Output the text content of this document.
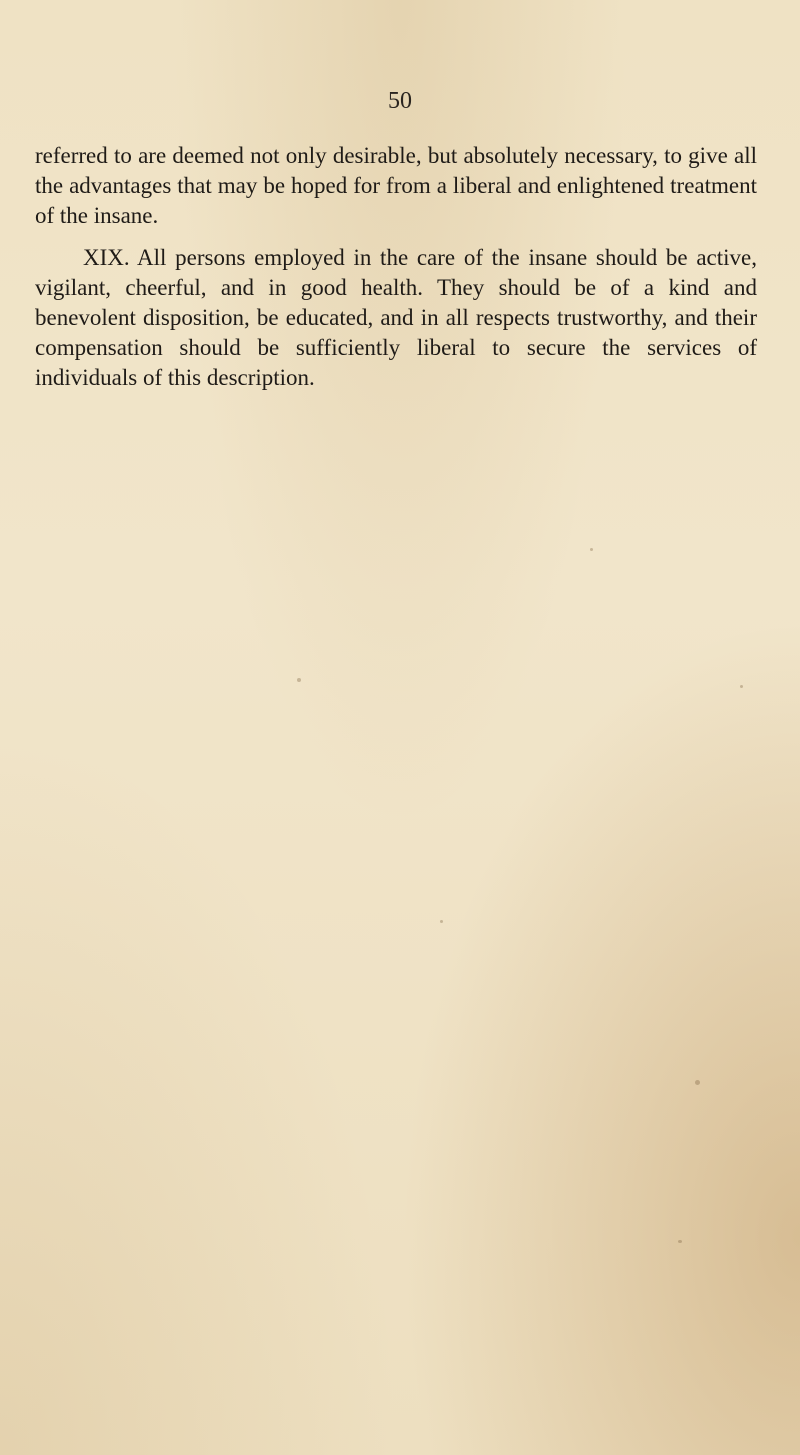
50

referred to are deemed not only desirable, but absolutely necessary, to give all the advantages that may be hoped for from a liberal and enlightened treatment of the insane.

XIX. All persons employed in the care of the insane should be active, vigilant, cheerful, and in good health. They should be of a kind and benevolent disposition, be educated, and in all respects trustworthy, and their compensation should be sufficiently liberal to secure the services of individuals of this description.
